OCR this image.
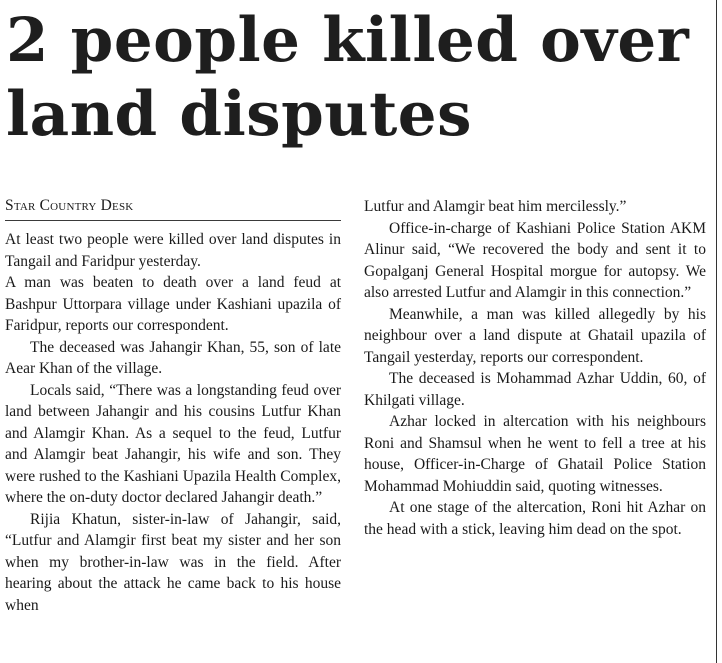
2 people killed over
land disputes
Star Country Desk

At least two people were killed over land disputes in Tangail and Faridpur yesterday.

A man was beaten to death over a land feud at Bashpur Uttorpara village under Kashiani upazila of Faridpur, reports our correspondent.

The deceased was Jahangir Khan, 55, son of late Aear Khan of the village.

Locals said, “There was a longstanding feud over land between Jahangir and his cousins Lutfur Khan and Alamgir Khan. As a sequel to the feud, Lutfur and Alamgir beat Jahangir, his wife and son. They were rushed to the Kashiani Upazila Health Complex, where the on-duty doctor declared Jahangir death.”

Rijia Khatun, sister-in-law of Jahangir, said, “Lutfur and Alamgir first beat my sister and her son when my brother-in-law was in the field. After hearing about the attack he came back to his house when

Lutfur and Alamgir beat him mercilessly.”

Office-in-charge of Kashiani Police Station AKM Alinur said, “We recovered the body and sent it to Gopalganj General Hospital morgue for autopsy. We also arrested Lutfur and Alamgir in this connection.”

Meanwhile, a man was killed allegedly by his neighbour over a land dispute at Ghatail upazila of Tangail yesterday, reports our correspondent.

The deceased is Mohammad Azhar Uddin, 60, of Khilgati village.

Azhar locked in altercation with his neighbours Roni and Shamsul when he went to fell a tree at his house, Officer-in-Charge of Ghatail Police Station Mohammad Mohiuddin said, quoting witnesses.

At one stage of the altercation, Roni hit Azhar on the head with a stick, leaving him dead on the spot.
